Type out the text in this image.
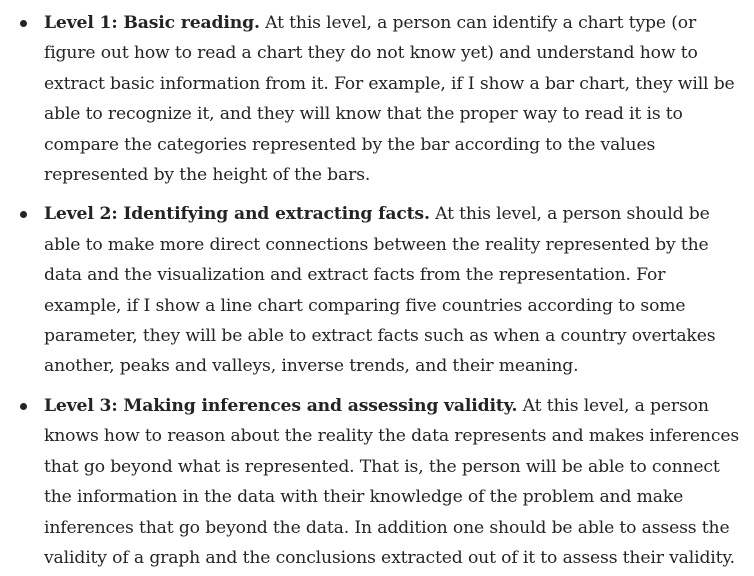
Level 1: Basic reading. At this level, a person can identify a chart type (or figure out how to read a chart they do not know yet) and understand how to extract basic information from it. For example, if I show a bar chart, they will be able to recognize it, and they will know that the proper way to read it is to compare the categories represented by the bar according to the values represented by the height of the bars.
Level 2: Identifying and extracting facts. At this level, a person should be able to make more direct connections between the reality represented by the data and the visualization and extract facts from the representation. For example, if I show a line chart comparing five countries according to some parameter, they will be able to extract facts such as when a country overtakes another, peaks and valleys, inverse trends, and their meaning.
Level 3: Making inferences and assessing validity. At this level, a person knows how to reason about the reality the data represents and makes inferences that go beyond what is represented. That is, the person will be able to connect the information in the data with their knowledge of the problem and make inferences that go beyond the data. In addition one should be able to assess the validity of a graph and the conclusions extracted out of it to assess their validity.
